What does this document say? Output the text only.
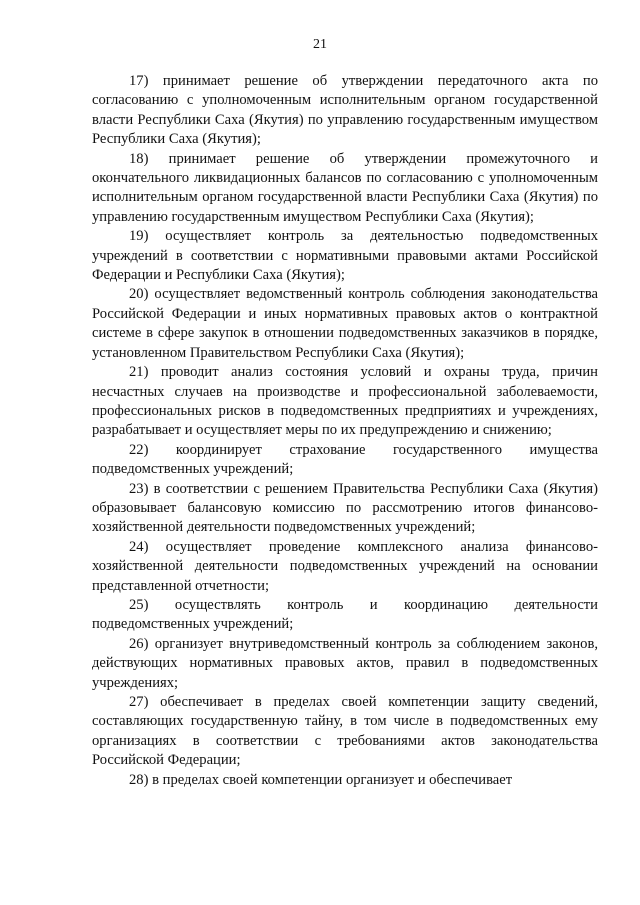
21

17) принимает решение об утверждении передаточного акта по согласованию с уполномоченным исполнительным органом государственной власти Республики Саха (Якутия) по управлению государственным имуществом Республики Саха (Якутия);

18) принимает решение об утверждении промежуточного и окончательного ликвидационных балансов по согласованию с уполномоченным исполнительным органом государственной власти Республики Саха (Якутия) по управлению государственным имуществом Республики Саха (Якутия);

19) осуществляет контроль за деятельностью подведомственных учреждений в соответствии с нормативными правовыми актами Российской Федерации и Республики Саха (Якутия);

20) осуществляет ведомственный контроль соблюдения законодательства Российской Федерации и иных нормативных правовых актов о контрактной системе в сфере закупок в отношении подведомственных заказчиков в порядке, установленном Правительством Республики Саха (Якутия);

21) проводит анализ состояния условий и охраны труда, причин несчастных случаев на производстве и профессиональной заболеваемости, профессиональных рисков в подведомственных предприятиях и учреждениях, разрабатывает и осуществляет меры по их предупреждению и снижению;

22) координирует страхование государственного имущества подведомственных учреждений;

23) в соответствии с решением Правительства Республики Саха (Якутия) образовывает балансовую комиссию по рассмотрению итогов финансово-хозяйственной деятельности подведомственных учреждений;

24) осуществляет проведение комплексного анализа финансово-хозяйственной деятельности подведомственных учреждений на основании представленной отчетности;

25) осуществлять контроль и координацию деятельности подведомственных учреждений;

26) организует внутриведомственный контроль за соблюдением законов, действующих нормативных правовых актов, правил в подведомственных учреждениях;

27) обеспечивает в пределах своей компетенции защиту сведений, составляющих государственную тайну, в том числе в подведомственных ему организациях в соответствии с требованиями актов законодательства Российской Федерации;

28) в пределах своей компетенции организует и обеспечивает
